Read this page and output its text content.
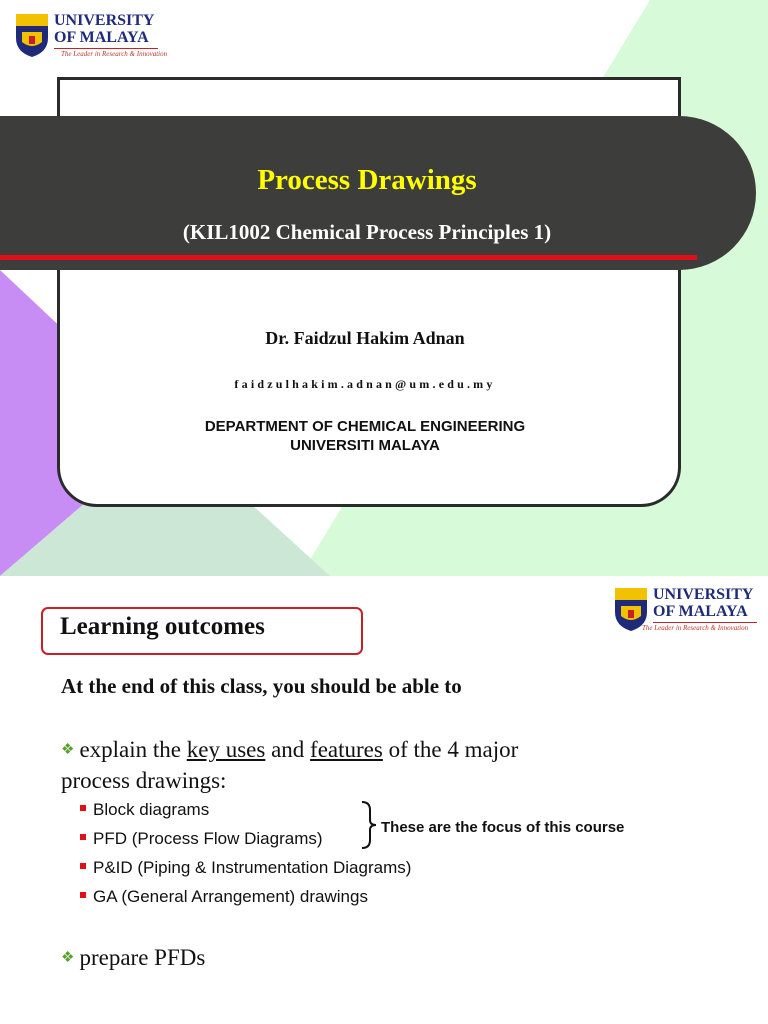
UNIVERSITY
OF MALAYA
The Leader in Research & Innovation
Process Drawings
(KIL1002 Chemical Process Principles 1)
Dr. Faidzul Hakim Adnan
faidzulhakim.adnan@um.edu.my
DEPARTMENT OF CHEMICAL ENGINEERING
UNIVERSITI MALAYA
Learning outcomes
UNIVERSITY
OF MALAYA
The Leader in Research & Innovation
At the end of this class, you should be able to
❖ explain the key uses and features of the 4 major
process drawings:
Block diagrams
PFD (Process Flow Diagrams)
P&ID (Piping & Instrumentation Diagrams)
GA (General Arrangement) drawings
These are the focus of this course
❖ prepare PFDs
